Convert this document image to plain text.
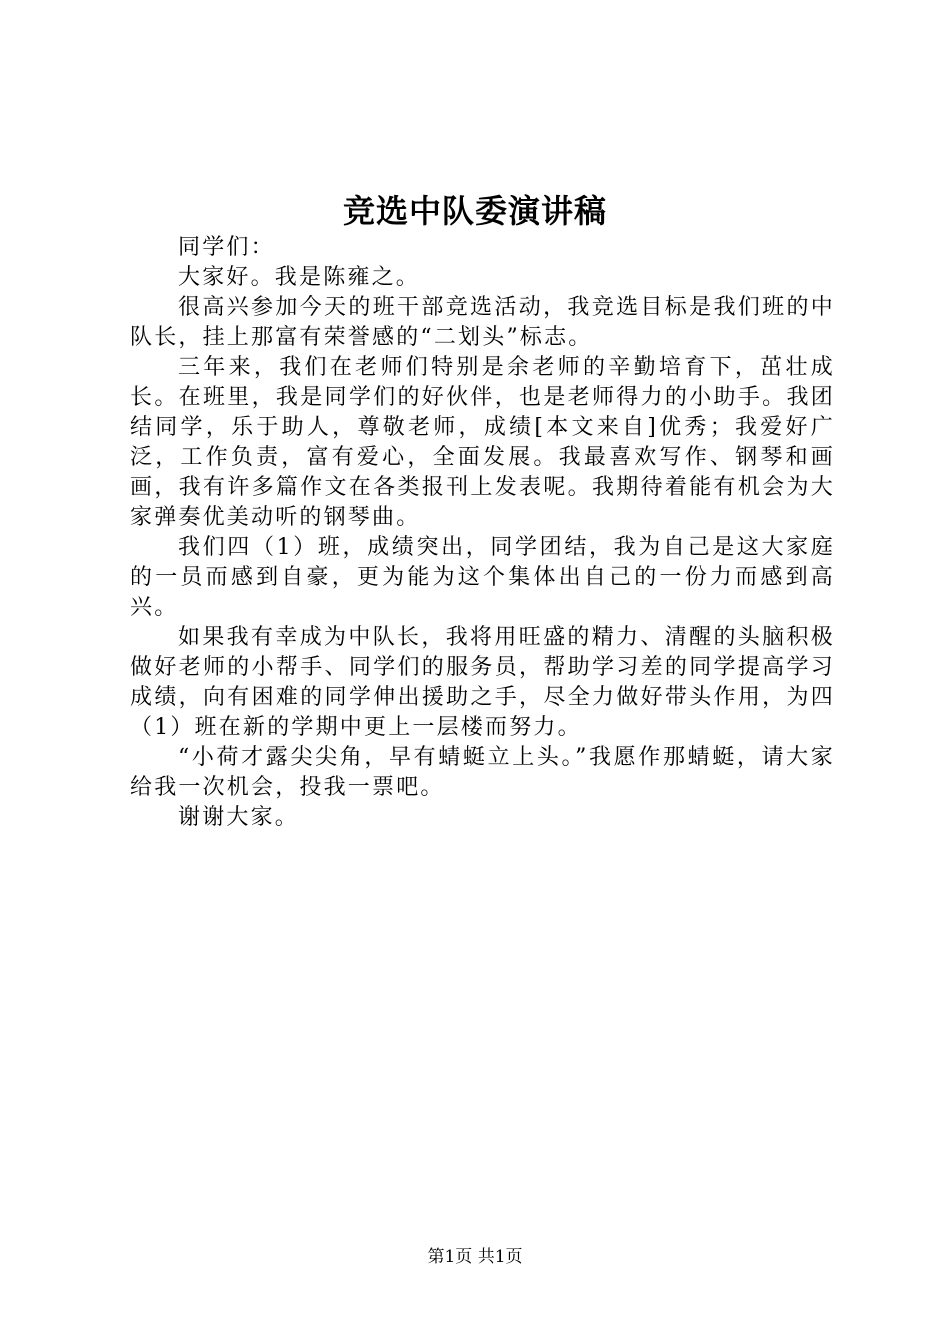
竞选中队委演讲稿

同学们：

大家好。我是陈雍之。

很高兴参加今天的班干部竞选活动，我竞选目标是我们班的中队长，挂上那富有荣誉感的“二划头”标志。

三年来，我们在老师们特别是余老师的辛勤培育下，茁壮成长。在班里，我是同学们的好伙伴，也是老师得力的小助手。我团结同学，乐于助人，尊敬老师，成绩[本文来自]优秀；我爱好广泛，工作负责，富有爱心，全面发展。我最喜欢写作、钢琴和画画，我有许多篇作文在各类报刊上发表呢。我期待着能有机会为大家弹奏优美动听的钢琴曲。

我们四（1）班，成绩突出，同学团结，我为自己是这大家庭的一员而感到自豪，更为能为这个集体出自己的一份力而感到高兴。

如果我有幸成为中队长，我将用旺盛的精力、清醒的头脑积极做好老师的小帮手、同学们的服务员，帮助学习差的同学提高学习成绩，向有困难的同学伸出援助之手，尽全力做好带头作用，为四（1）班在新的学期中更上一层楼而努力。

“小荷才露尖尖角，早有蜻蜓立上头。”我愿作那蜻蜓，请大家给我一次机会，投我一票吧。

谢谢大家。

第1页 共1页
